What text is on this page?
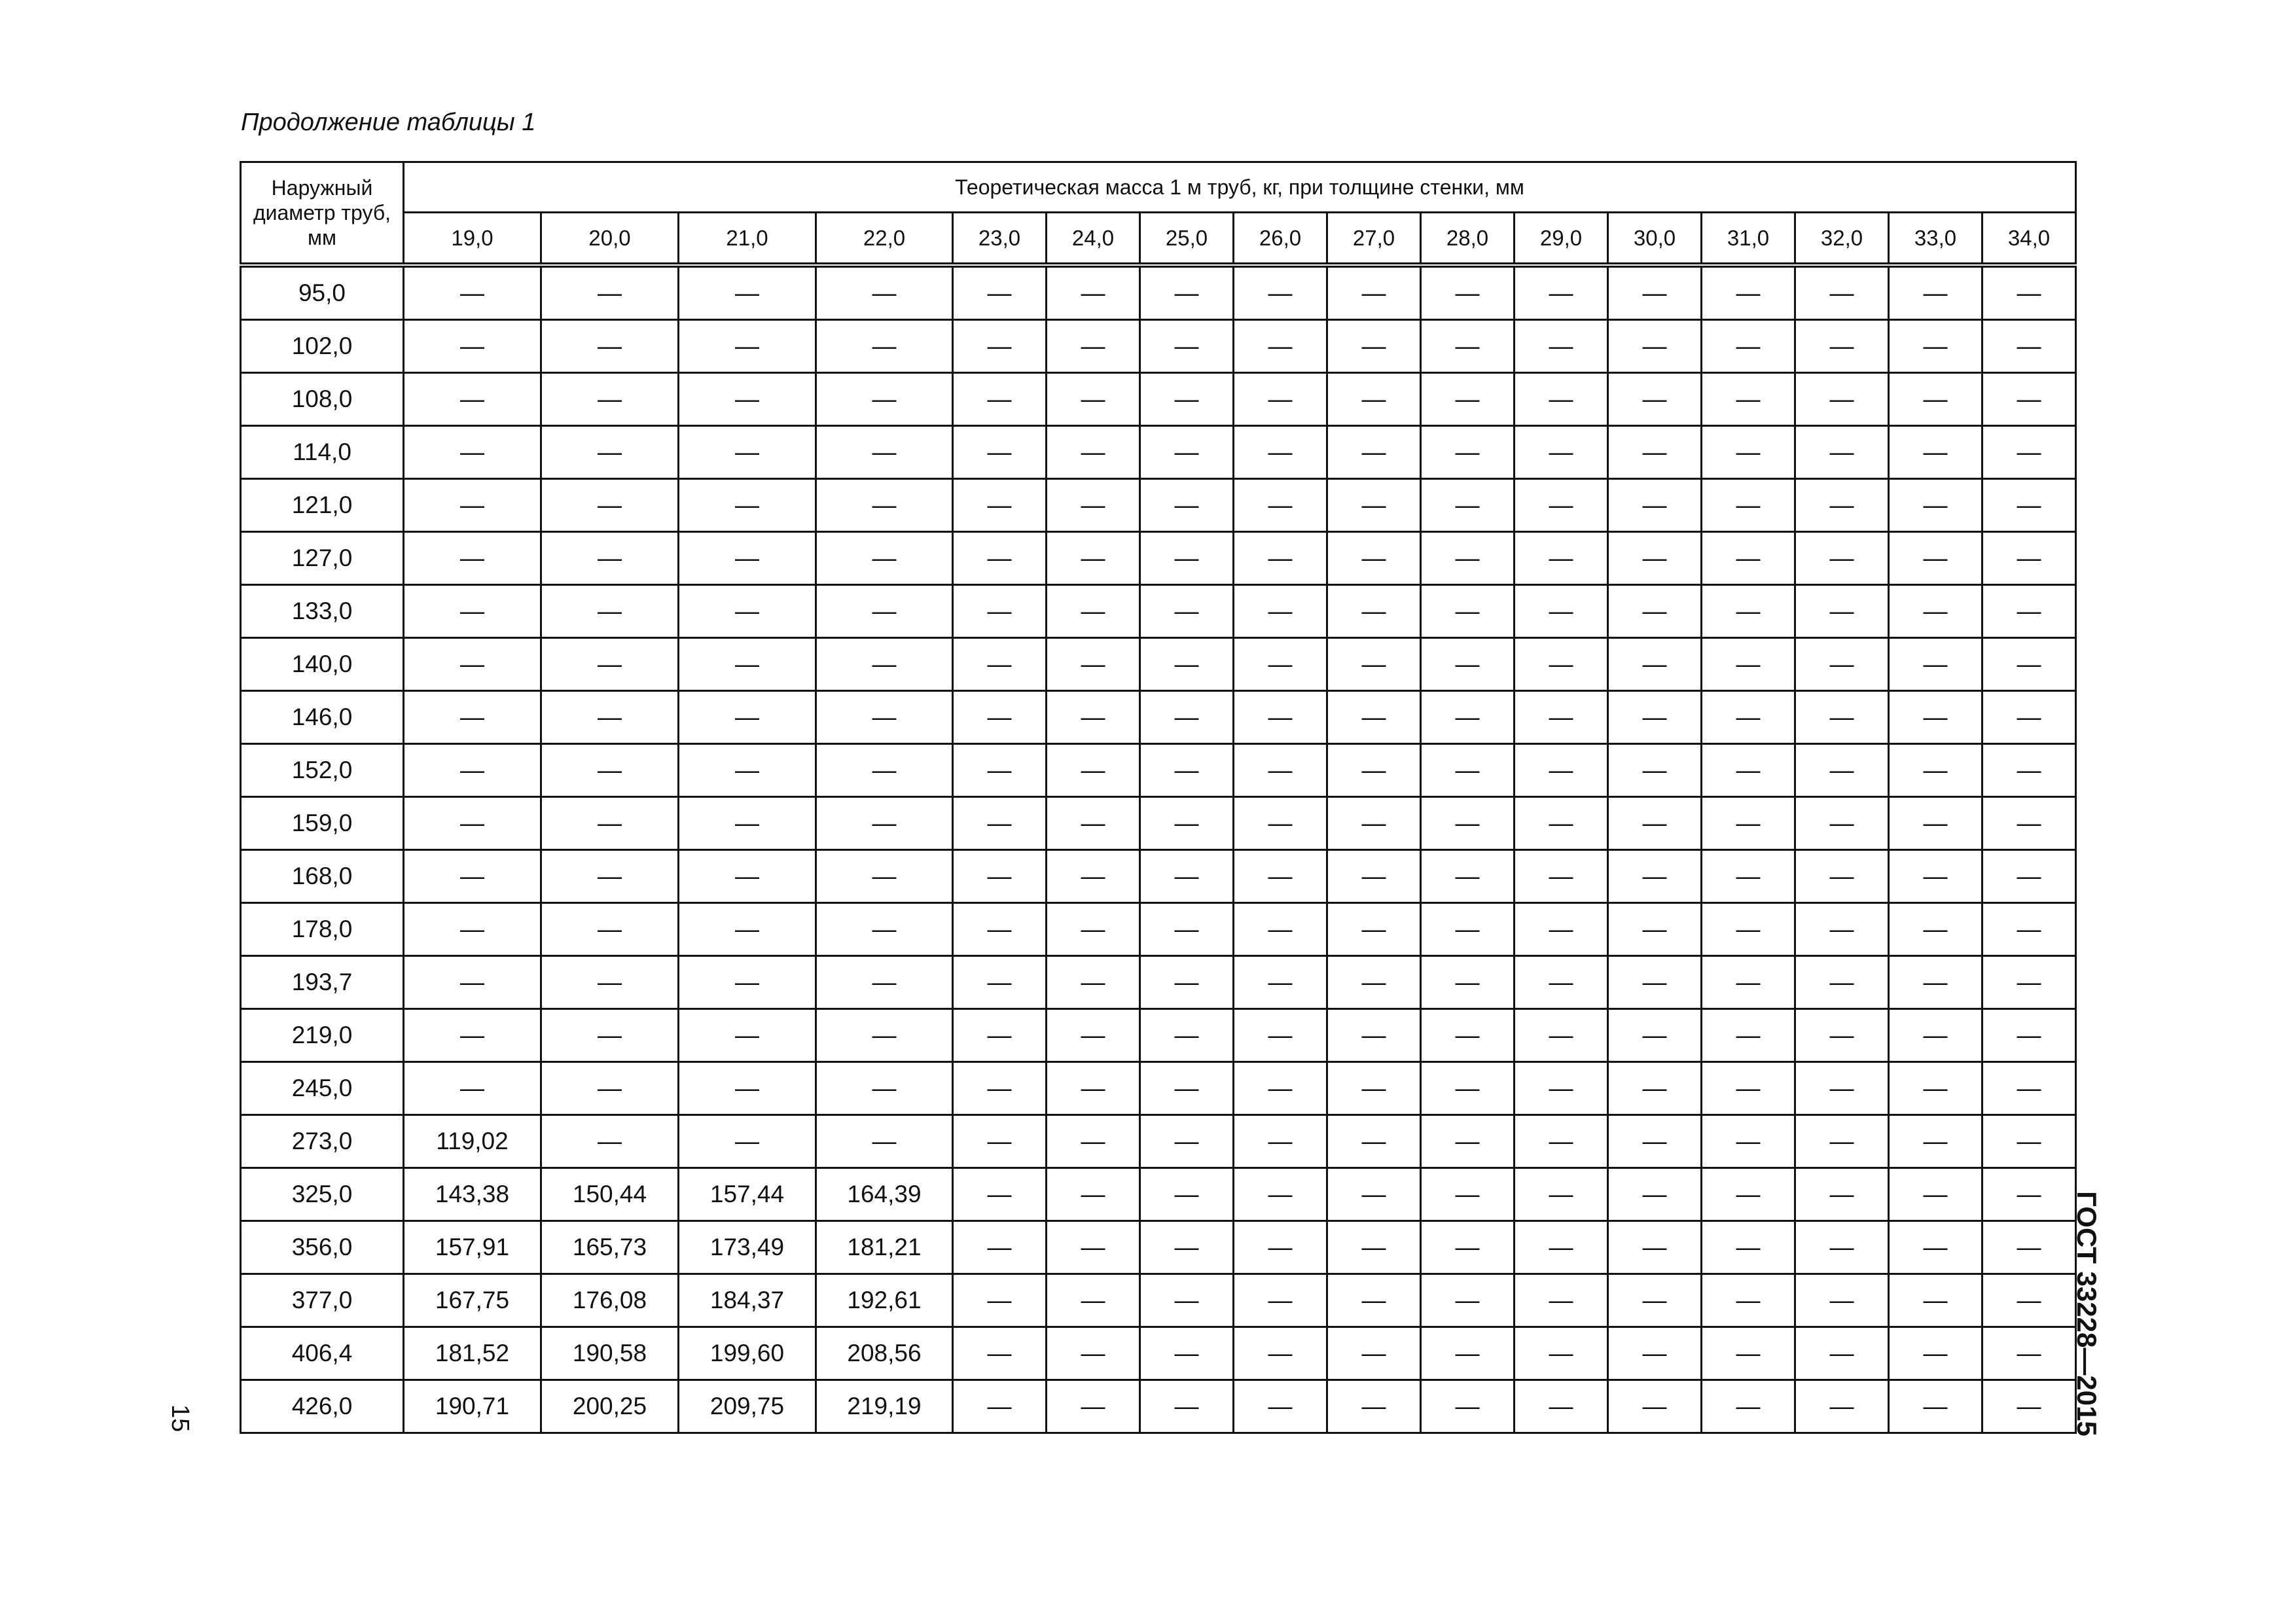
Продолжение таблицы 1

Наружный диаметр труб, мм	Теоретическая масса 1 м труб, кг, при толщине стенки, мм															
	19,0	20,0	21,0	22,0	23,0	24,0	25,0	26,0	27,0	28,0	29,0	30,0	31,0	32,0	33,0	34,0
95,0	—	—	—	—	—	—	—	—	—	—	—	—	—	—	—	—
102,0	—	—	—	—	—	—	—	—	—	—	—	—	—	—	—	—
108,0	—	—	—	—	—	—	—	—	—	—	—	—	—	—	—	—
114,0	—	—	—	—	—	—	—	—	—	—	—	—	—	—	—	—
121,0	—	—	—	—	—	—	—	—	—	—	—	—	—	—	—	—
127,0	—	—	—	—	—	—	—	—	—	—	—	—	—	—	—	—
133,0	—	—	—	—	—	—	—	—	—	—	—	—	—	—	—	—
140,0	—	—	—	—	—	—	—	—	—	—	—	—	—	—	—	—
146,0	—	—	—	—	—	—	—	—	—	—	—	—	—	—	—	—
152,0	—	—	—	—	—	—	—	—	—	—	—	—	—	—	—	—
159,0	—	—	—	—	—	—	—	—	—	—	—	—	—	—	—	—
168,0	—	—	—	—	—	—	—	—	—	—	—	—	—	—	—	—
178,0	—	—	—	—	—	—	—	—	—	—	—	—	—	—	—	—
193,7	—	—	—	—	—	—	—	—	—	—	—	—	—	—	—	—
219,0	—	—	—	—	—	—	—	—	—	—	—	—	—	—	—	—
245,0	—	—	—	—	—	—	—	—	—	—	—	—	—	—	—	—
273,0	119,02	—	—	—	—	—	—	—	—	—	—	—	—	—	—	—
325,0	143,38	150,44	157,44	164,39	—	—	—	—	—	—	—	—	—	—	—	—
356,0	157,91	165,73	173,49	181,21	—	—	—	—	—	—	—	—	—	—	—	—
377,0	167,75	176,08	184,37	192,61	—	—	—	—	—	—	—	—	—	—	—	—
406,4	181,52	190,58	199,60	208,56	—	—	—	—	—	—	—	—	—	—	—	—
426,0	190,71	200,25	209,75	219,19	—	—	—	—	—	—	—	—	—	—	—	— ГОСТ 33228—2015
15
